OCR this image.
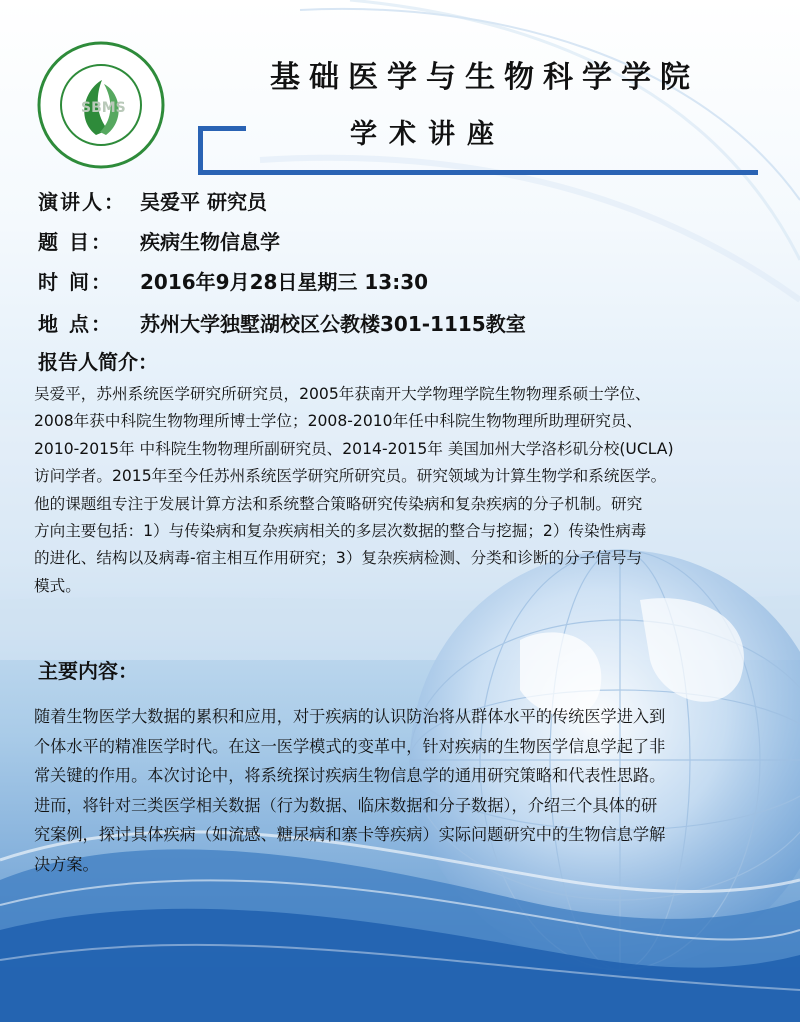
SBMS
基础医学与生物科学学院
学术讲座
演讲人： 吴爱平 研究员
题 目： 疾病生物信息学
时 间： 2016年9月28日星期三 13:30
地 点： 苏州大学独墅湖校区公教楼301-1115教室
报告人简介：

吴爱平，苏州系统医学研究所研究员，2005年获南开大学物理学院生物物理系硕士学位、

2008年获中科院生物物理所博士学位；2008-2010年任中科院生物物理所助理研究员、

2010-2015年 中科院生物物理所副研究员、2014-2015年 美国加州大学洛杉矶分校(UCLA)

访问学者。2015年至今任苏州系统医学研究所研究员。研究领域为计算生物学和系统医学。

他的课题组专注于发展计算方法和系统整合策略研究传染病和复杂疾病的分子机制。研究

方向主要包括：1）与传染病和复杂疾病相关的多层次数据的整合与挖掘；2）传染性病毒

的进化、结构以及病毒-宿主相互作用研究；3）复杂疾病检测、分类和诊断的分子信号与

模式。

主要内容：

随着生物医学大数据的累积和应用，对于疾病的认识防治将从群体水平的传统医学进入到

个体水平的精准医学时代。在这一医学模式的变革中，针对疾病的生物医学信息学起了非

常关键的作用。本次讨论中，将系统探讨疾病生物信息学的通用研究策略和代表性思路。

进而，将针对三类医学相关数据（行为数据、临床数据和分子数据），介绍三个具体的研

究案例，探讨具体疾病（如流感、糖尿病和寨卡等疾病）实际问题研究中的生物信息学解

决方案。
